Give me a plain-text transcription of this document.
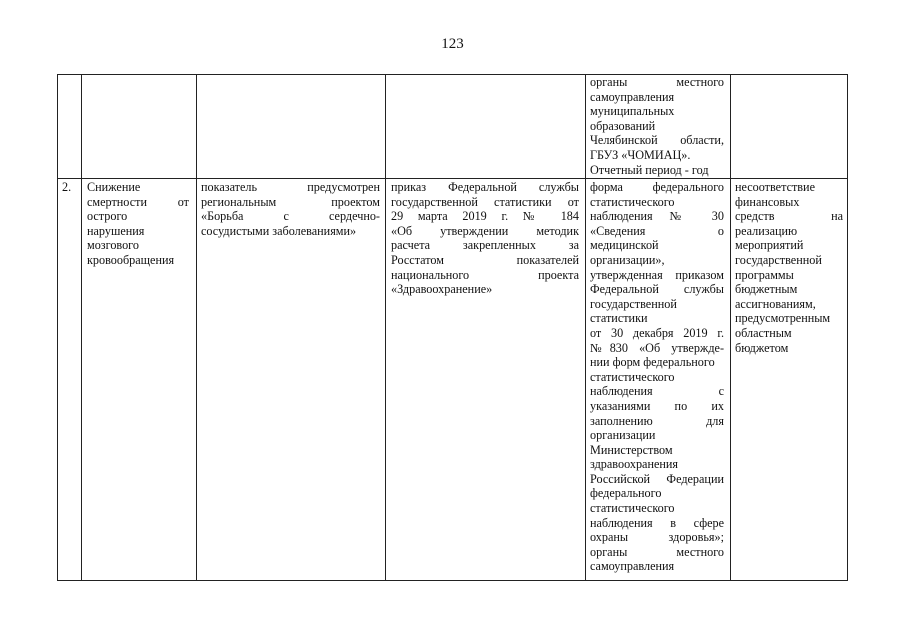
123
органы местного
самоуправления
муниципальных
образований
Челябинской области,
ГБУЗ «ЧОМИАЦ».
Отчетный период - год
2.	Снижение
смертности от
острого
нарушения
мозгового
кровообращения
показатель предусмотрен
региональным проектом
«Борьба с сердечно-
сосудистыми заболеваниями»
приказ Федеральной службы
государственной статистики от
29 марта 2019 г. № 184
«Об утверждении методик
расчета закрепленных за
Росстатом показателей
национального проекта
«Здравоохранение»
форма федерального
статистического
наблюдения № 30
«Сведения о
медицинской
организации»,
утвержденная приказом
Федеральной службы
государственной
статистики
от 30 декабря 2019 г.
№830 «Об утвержде-
нии форм федерального
статистического
наблюдения с
указаниями по их
заполнению для
организации
Министерством
здравоохранения
Российской Федерации
федерального
статистического
наблюдения в сфере
охраны здоровья»;
органы местного
самоуправления
несоответствие
финансовых
средств на
реализацию
мероприятий
государственной
программы
бюджетным
ассигнованиям,
предусмотренным
областным
бюджетом
